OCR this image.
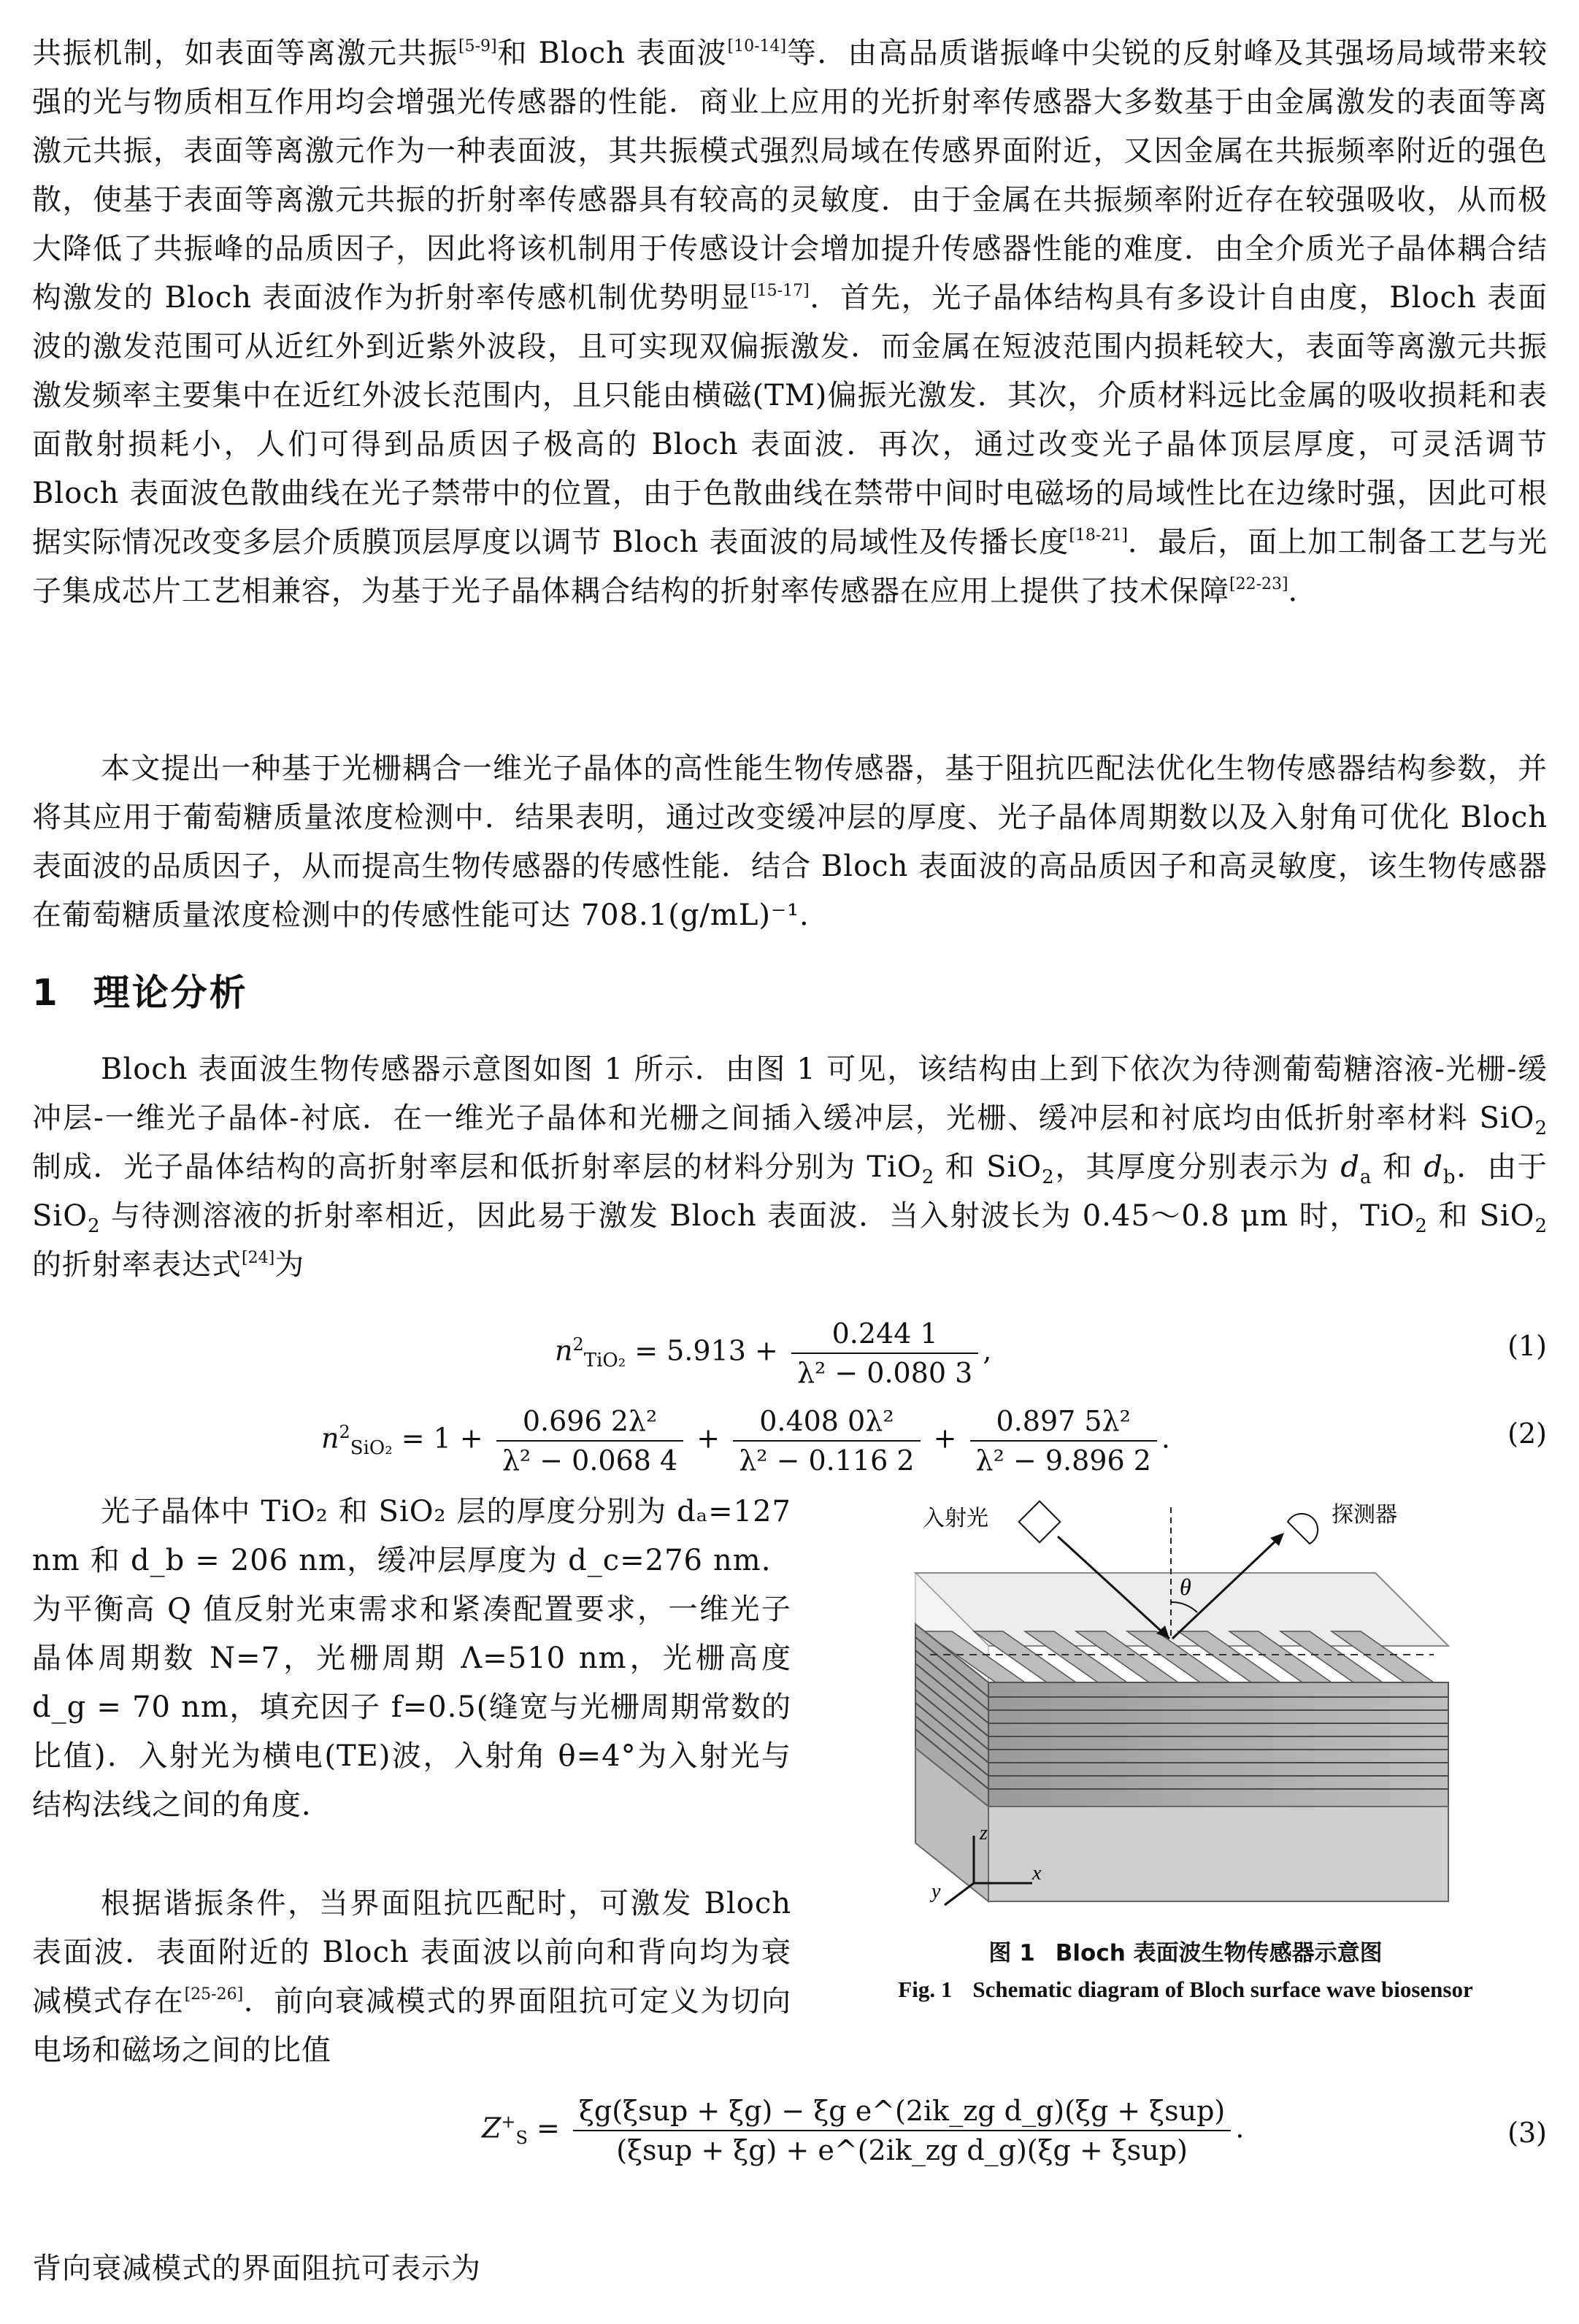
共振机制，如表面等离激元共振[5-9]和 Bloch 表面波[10-14]等．由高品质谐振峰中尖锐的反射峰及其强场局域带来较强的光与物质相互作用均会增强光传感器的性能．商业上应用的光折射率传感器大多数基于由金属激发的表面等离激元共振，表面等离激元作为一种表面波，其共振模式强烈局域在传感界面附近，又因金属在共振频率附近的强色散，使基于表面等离激元共振的折射率传感器具有较高的灵敏度．由于金属在共振频率附近存在较强吸收，从而极大降低了共振峰的品质因子，因此将该机制用于传感设计会增加提升传感器性能的难度．由全介质光子晶体耦合结构激发的 Bloch 表面波作为折射率传感机制优势明显[15-17]．首先，光子晶体结构具有多设计自由度，Bloch 表面波的激发范围可从近红外到近紫外波段，且可实现双偏振激发．而金属在短波范围内损耗较大，表面等离激元共振激发频率主要集中在近红外波长范围内，且只能由横磁(TM)偏振光激发．其次，介质材料远比金属的吸收损耗和表面散射损耗小，人们可得到品质因子极高的 Bloch 表面波．再次，通过改变光子晶体顶层厚度，可灵活调节 Bloch 表面波色散曲线在光子禁带中的位置，由于色散曲线在禁带中间时电磁场的局域性比在边缘时强，因此可根据实际情况改变多层介质膜顶层厚度以调节 Bloch 表面波的局域性及传播长度[18-21]．最后，面上加工制备工艺与光子集成芯片工艺相兼容，为基于光子晶体耦合结构的折射率传感器在应用上提供了技术保障[22-23]．
本文提出一种基于光栅耦合一维光子晶体的高性能生物传感器，基于阻抗匹配法优化生物传感器结构参数，并将其应用于葡萄糖质量浓度检测中．结果表明，通过改变缓冲层的厚度、光子晶体周期数以及入射角可优化 Bloch 表面波的品质因子，从而提高生物传感器的传感性能．结合 Bloch 表面波的高品质因子和高灵敏度，该生物传感器在葡萄糖质量浓度检测中的传感性能可达 708.1(g/mL)⁻¹．
1 理论分析
Bloch 表面波生物传感器示意图如图 1 所示．由图 1 可见，该结构由上到下依次为待测葡萄糖溶液-光栅-缓冲层-一维光子晶体-衬底．在一维光子晶体和光栅之间插入缓冲层，光栅、缓冲层和衬底均由低折射率材料 SiO$_2$ 制成．光子晶体结构的高折射率层和低折射率层的材料分别为 TiO$_2$ 和 SiO$_2$，其厚度分别表示为 $d_a$ 和 $d_b$．由于 SiO$_2$ 与待测溶液的折射率相近，因此易于激发 Bloch 表面波．当入射波长为 0.45～0.8 μm 时，TiO$_2$ 和 SiO$_2$ 的折射率表达式[24]为
$n^2_{TiO_2} = 5.913 + \frac{0.244 1}{\text{λ² − 0.080 3}}$ ,	(1)
$n^2_{SiO_2} = 1 + \frac{\text{0.696 2λ²}}{\text{λ² − 0.068 4}} + \frac{\text{0.408 0λ²}}{\text{λ² − 0.116 2}} + \frac{\text{0.897 5λ²}}{\text{λ² − 9.896 2}}$ .	(2)
光子晶体中 TiO₂ 和 SiO₂ 层的厚度分别为 dₐ=127 nm 和 d_b = 206 nm，缓冲层厚度为 d_c=276 nm．为平衡高 Q 值反射光束需求和紧凑配置要求，一维光子晶体周期数 N=7，光栅周期 Λ=510 nm，光栅高度 d_g = 70 nm，填充因子 f=0.5(缝宽与光栅周期常数的比值)．入射光为横电(TE)波，入射角 θ=4°为入射光与结构法线之间的角度．
根据谐振条件，当界面阻抗匹配时，可激发 Bloch 表面波．表面附近的 Bloch 表面波以前向和背向均为衰减模式存在[25-26]．前向衰减模式的界面阻抗可定义为切向电场和磁场之间的比值
θ
入射光	探测器
z
x
y
图 1 Bloch 表面波生物传感器示意图
Fig. 1 Schematic diagram of Bloch surface wave biosensor
$Z^+_S = \frac{\text{ξg(ξsup + ξg) − ξg e\textasciicircum{}(2ik\_zg d\_g)(ξg + ξsup)}}{\text{(ξsup + ξg) + e\textasciicircum{}(2ik\_zg d\_g)(ξg + ξsup)}}$ .	(3)
背向衰减模式的界面阻抗可表示为
